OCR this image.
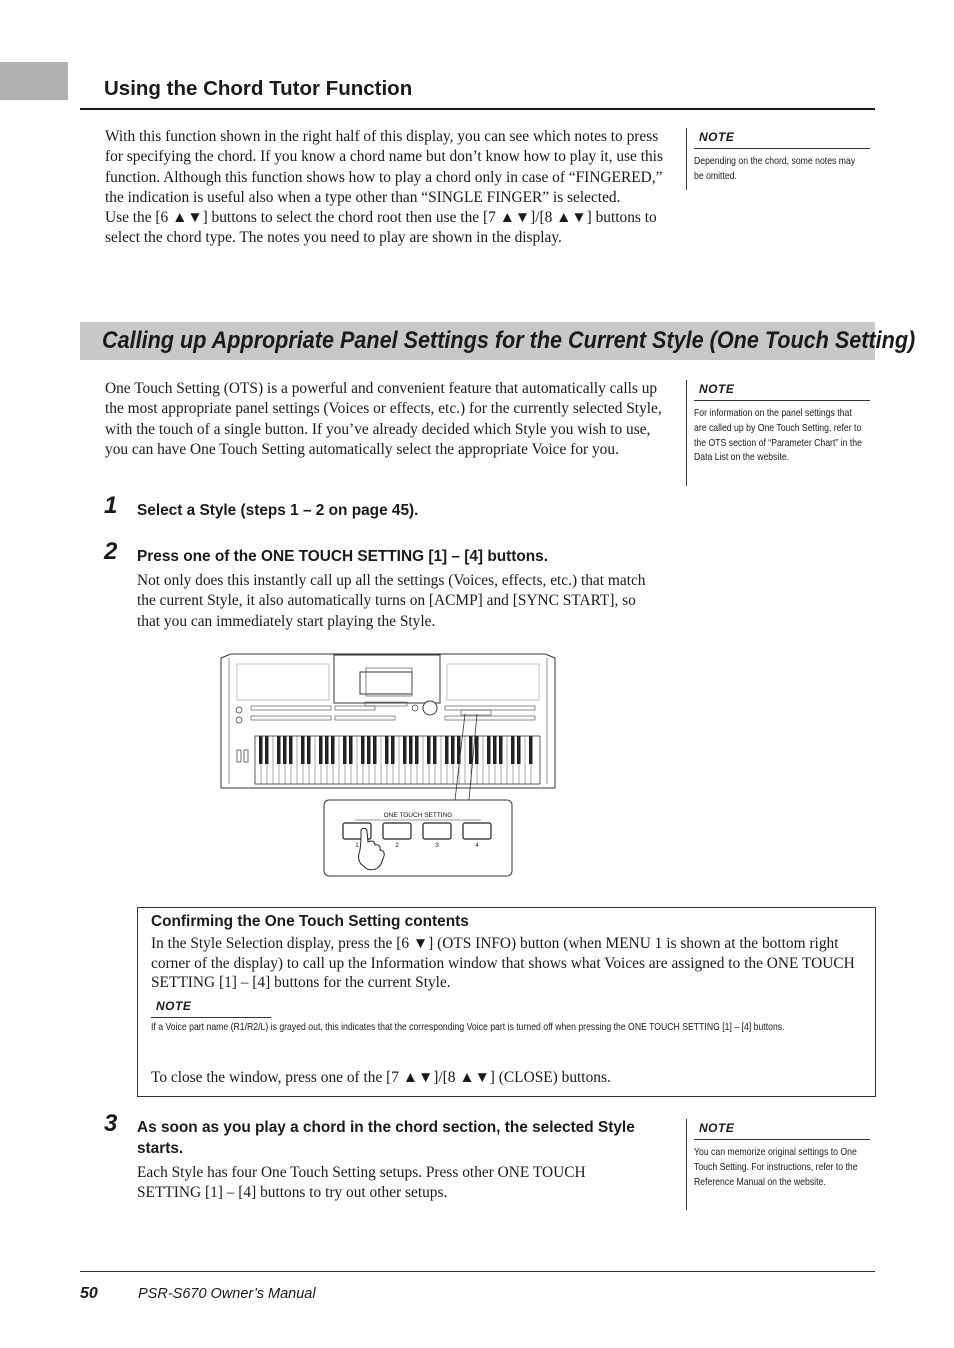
Using the Chord Tutor Function
With this function shown in the right half of this display, you can see which notes to press for specifying the chord. If you know a chord name but don’t know how to play it, use this function. Although this function shows how to play a chord only in case of “FINGERED,” the indication is useful also when a type other than “SINGLE FINGER” is selected.
Use the [6 ▲▼] buttons to select the chord root then use the [7 ▲▼]/[8 ▲▼] buttons to select the chord type. The notes you need to play are shown in the display.
NOTE
Depending on the chord, some notes may be omitted.
Calling up Appropriate Panel Settings for the Current Style (One Touch Setting)
One Touch Setting (OTS) is a powerful and convenient feature that automatically calls up the most appropriate panel settings (Voices or effects, etc.) for the currently selected Style, with the touch of a single button. If you’ve already decided which Style you wish to use, you can have One Touch Setting automatically select the appropriate Voice for you.
NOTE
For information on the panel settings that are called up by One Touch Setting, refer to the OTS section of “Parameter Chart” in the Data List on the website.
1 Select a Style (steps 1 – 2 on page 45).
2 Press one of the ONE TOUCH SETTING [1] – [4] buttons.
Not only does this instantly call up all the settings (Voices, effects, etc.) that match the current Style, it also automatically turns on [ACMP] and [SYNC START], so that you can immediately start playing the Style.
ONE TOUCH SETTING
1	2	3	4
Confirming the One Touch Setting contents
In the Style Selection display, press the [6 ▼] (OTS INFO) button (when MENU 1 is shown at the bottom right corner of the display) to call up the Information window that shows what Voices are assigned to the ONE TOUCH SETTING [1] – [4] buttons for the current Style.
NOTE
If a Voice part name (R1/R2/L) is grayed out, this indicates that the corresponding Voice part is turned off when pressing the ONE TOUCH SETTING [1] – [4] buttons.
To close the window, press one of the [7 ▲▼]/[8 ▲▼] (CLOSE) buttons.
3 As soon as you play a chord in the chord section, the selected Style starts.
Each Style has four One Touch Setting setups. Press other ONE TOUCH SETTING [1] – [4] buttons to try out other setups.
NOTE
You can memorize original settings to One Touch Setting. For instructions, refer to the Reference Manual on the website.
50	PSR-S670 Owner’s Manual
